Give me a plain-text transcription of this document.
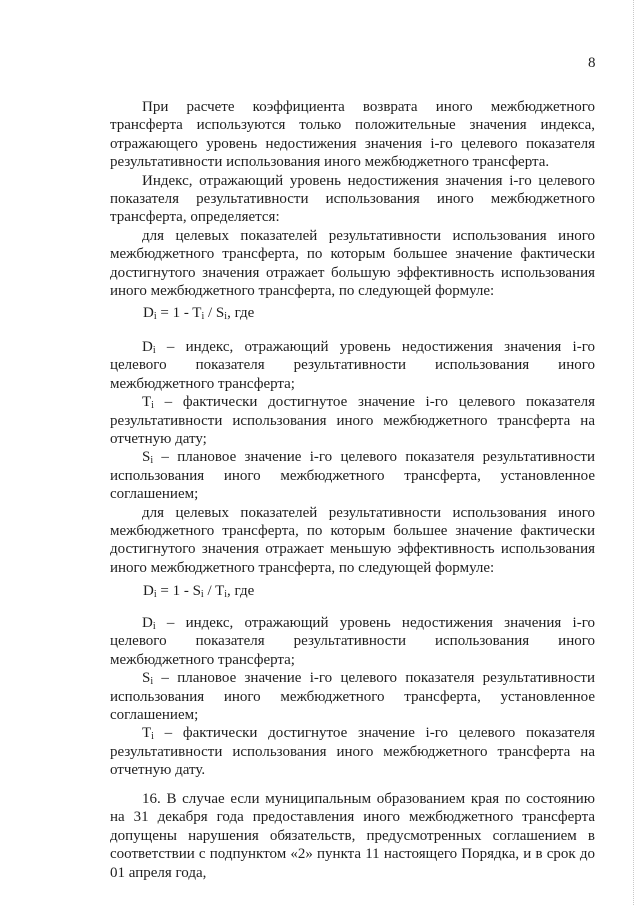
8

При расчете коэффициента возврата иного межбюджетного трансферта используются только положительные значения индекса, отражающего уровень недостижения значения i-го целевого показателя результативности использования иного межбюджетного трансферта.

Индекс, отражающий уровень недостижения значения i-го целевого показателя результативности использования иного межбюджетного трансферта, определяется:

для целевых показателей результативности использования иного межбюджетного трансферта, по которым большее значение фактически достигнутого значения отражает большую эффективность использования иного межбюджетного трансферта, по следующей формуле:

$D_i = 1 - T_i / S_i$, где

$D_i$ – индекс, отражающий уровень недостижения значения i-го целевого показателя результативности использования иного межбюджетного трансферта;

$T_i$ – фактически достигнутое значение i-го целевого показателя результативности использования иного межбюджетного трансферта на отчетную дату;

$S_i$ – плановое значение i-го целевого показателя результативности использования иного межбюджетного трансферта, установленное соглашением;

для целевых показателей результативности использования иного межбюджетного трансферта, по которым большее значение фактически достигнутого значения отражает меньшую эффективность использования иного межбюджетного трансферта, по следующей формуле:

$D_i = 1 - S_i / T_i$, где

$D_i$ – индекс, отражающий уровень недостижения значения i-го целевого показателя результативности использования иного межбюджетного трансферта;

$S_i$ – плановое значение i-го целевого показателя результативности использования иного межбюджетного трансферта, установленное соглашением;

$T_i$ – фактически достигнутое значение i-го целевого показателя результативности использования иного межбюджетного трансферта на отчетную дату.

16. В случае если муниципальным образованием края по состоянию на 31 декабря года предоставления иного межбюджетного трансферта допущены нарушения обязательств, предусмотренных соглашением в соответствии с подпунктом «2» пункта 11 настоящего Порядка, и в срок до 01 апреля года,
